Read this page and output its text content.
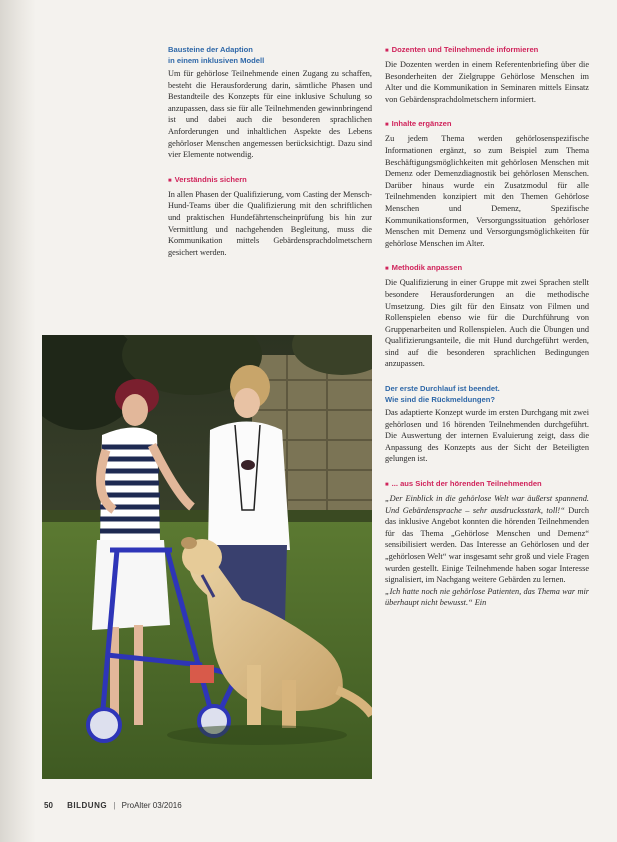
Bausteine der Adaption
in einem inklusiven Modell

Um für gehörlose Teilnehmende einen Zugang zu schaffen, besteht die Herausforderung darin, sämtliche Phasen und Bestandteile des Konzepts für eine inklusive Schulung so anzupassen, dass sie für alle Teilnehmenden gewinnbringend ist und dabei auch die besonderen sprachlichen Anforderungen und inhaltlichen Aspekte des Lebens gehörloser Menschen angemessen berücksichtigt. Dazu sind vier Elemente notwendig.

■ Verständnis sichern

In allen Phasen der Qualifizierung, vom Casting der Mensch-Hund-Teams über die Qualifizierung mit den schriftlichen und praktischen Hundefährtenscheinprüfung bis hin zur Vermittlung und nachgehenden Begleitung, muss die Kommunikation mittels Gebärdensprachdolmetschern gesichert werden.

■ Dozenten und Teilnehmende informieren

Die Dozenten werden in einem Referentenbriefing über die Besonderheiten der Zielgruppe Gehörlose Menschen im Alter und die Kommunikation in Seminaren mittels Einsatz von Gebärdensprachdolmetschern informiert.

■ Inhalte ergänzen

Zu jedem Thema werden gehörlosenspezifische Informationen ergänzt, so zum Beispiel zum Thema Beschäftigungsmöglichkeiten mit gehörlosen Menschen mit Demenz oder Demenzdiagnostik bei gehörlosen Menschen. Darüber hinaus wurde ein Zusatzmodul für alle Teilnehmenden konzipiert mit den Themen Gehörlose Menschen und Demenz, Spezifische Kommunikationsformen, Versorgungssituation gehörloser Menschen mit Demenz und Versorgungsmöglichkeiten für gehörlose Menschen im Alter.

■ Methodik anpassen

Die Qualifizierung in einer Gruppe mit zwei Sprachen stellt besondere Herausforderungen an die methodische Umsetzung. Dies gilt für den Einsatz von Filmen und Rollenspielen ebenso wie für die Durchführung von Gruppenarbeiten und Rollenspielen. Auch die Übungen und Qualifizierungsanteile, die mit Hund durchgeführt werden, sind auf die besonderen sprachlichen Bedingungen anzupassen.

Der erste Durchlauf ist beendet.
Wie sind die Rückmeldungen?

Das adaptierte Konzept wurde im ersten Durchgang mit zwei gehörlosen und 16 hörenden Teilnehmenden durchgeführt. Die Auswertung der internen Evaluierung zeigt, dass die Anpassung des Konzepts aus der Sicht der Beteiligten gelungen ist.

■ ... aus Sicht der hörenden Teilnehmenden

„Der Einblick in die gehörlose Welt war äußerst spannend. Und Gebärdensprache – sehr ausdrucksstark, toll!“ Durch das inklusive Angebot konnten die hörenden Teilnehmenden für das Thema „Gehörlose Menschen und Demenz“ sensibilisiert werden. Das Interesse an Gehörlosen und der „gehörlosen Welt“ war insgesamt sehr groß und viele Fragen wurden gestellt. Einige Teilnehmende haben sogar Interesse signalisiert, im Nachgang weitere Gebärden zu lernen.

„Ich hatte noch nie gehörlose Patienten, das Thema war mir überhaupt nicht bewusst.“ Ein

50 BILDUNG | ProAlter 03/2016
